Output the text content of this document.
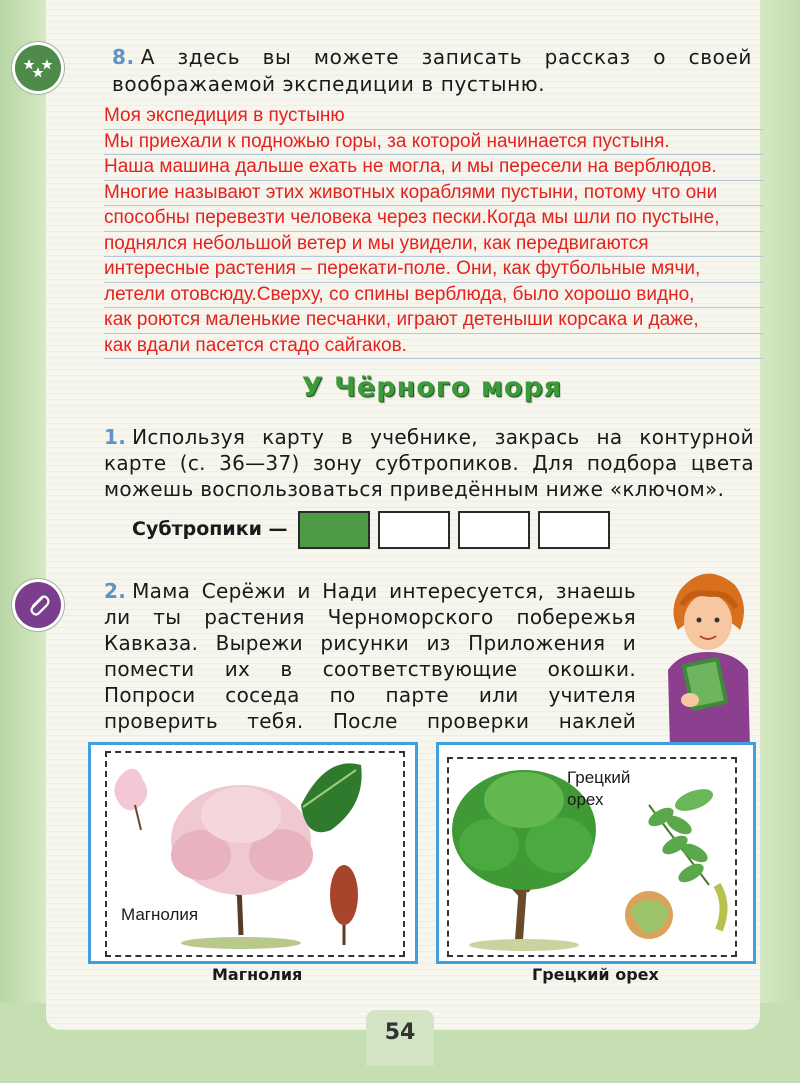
8. А здесь вы можете записать рассказ о своей воображаемой экспедиции в пустыню.
Моя экспедиция в пустыню
Мы приехали к подножью горы, за которой начинается пустыня.
Наша машина дальше ехать не могла, и мы пересели на верблюдов.
Многие называют этих животных кораблями пустыни, потому что они
способны перевезти человека через пески.Когда мы шли по пустыне,
поднялся небольшой ветер и мы увидели, как передвигаются
интересные растения – перекати-поле. Они, как футбольные мячи,
летели отовсюду.Сверху, со спины верблюда, было хорошо видно,
как роются маленькие песчанки, играют детеныши корсака и даже,
как вдали пасется стадо сайгаков.
У Чёрного моря
1. Используя карту в учебнике, закрась на контурной карте (с. 36—37) зону субтропиков. Для подбора цвета можешь воспользоваться приведённым ниже «ключом».
Субтропики —
2. Мама Серёжи и Нади интересуется, знаешь ли ты растения Черноморского побережья Кавказа. Вырежи рисунки из Приложения и помести их в соответствующие окошки. Попроси соседа по парте или учителя проверить тебя. После проверки наклей
Магнолия
Грецкий
орех
Магнолия	Грецкий орех
54
